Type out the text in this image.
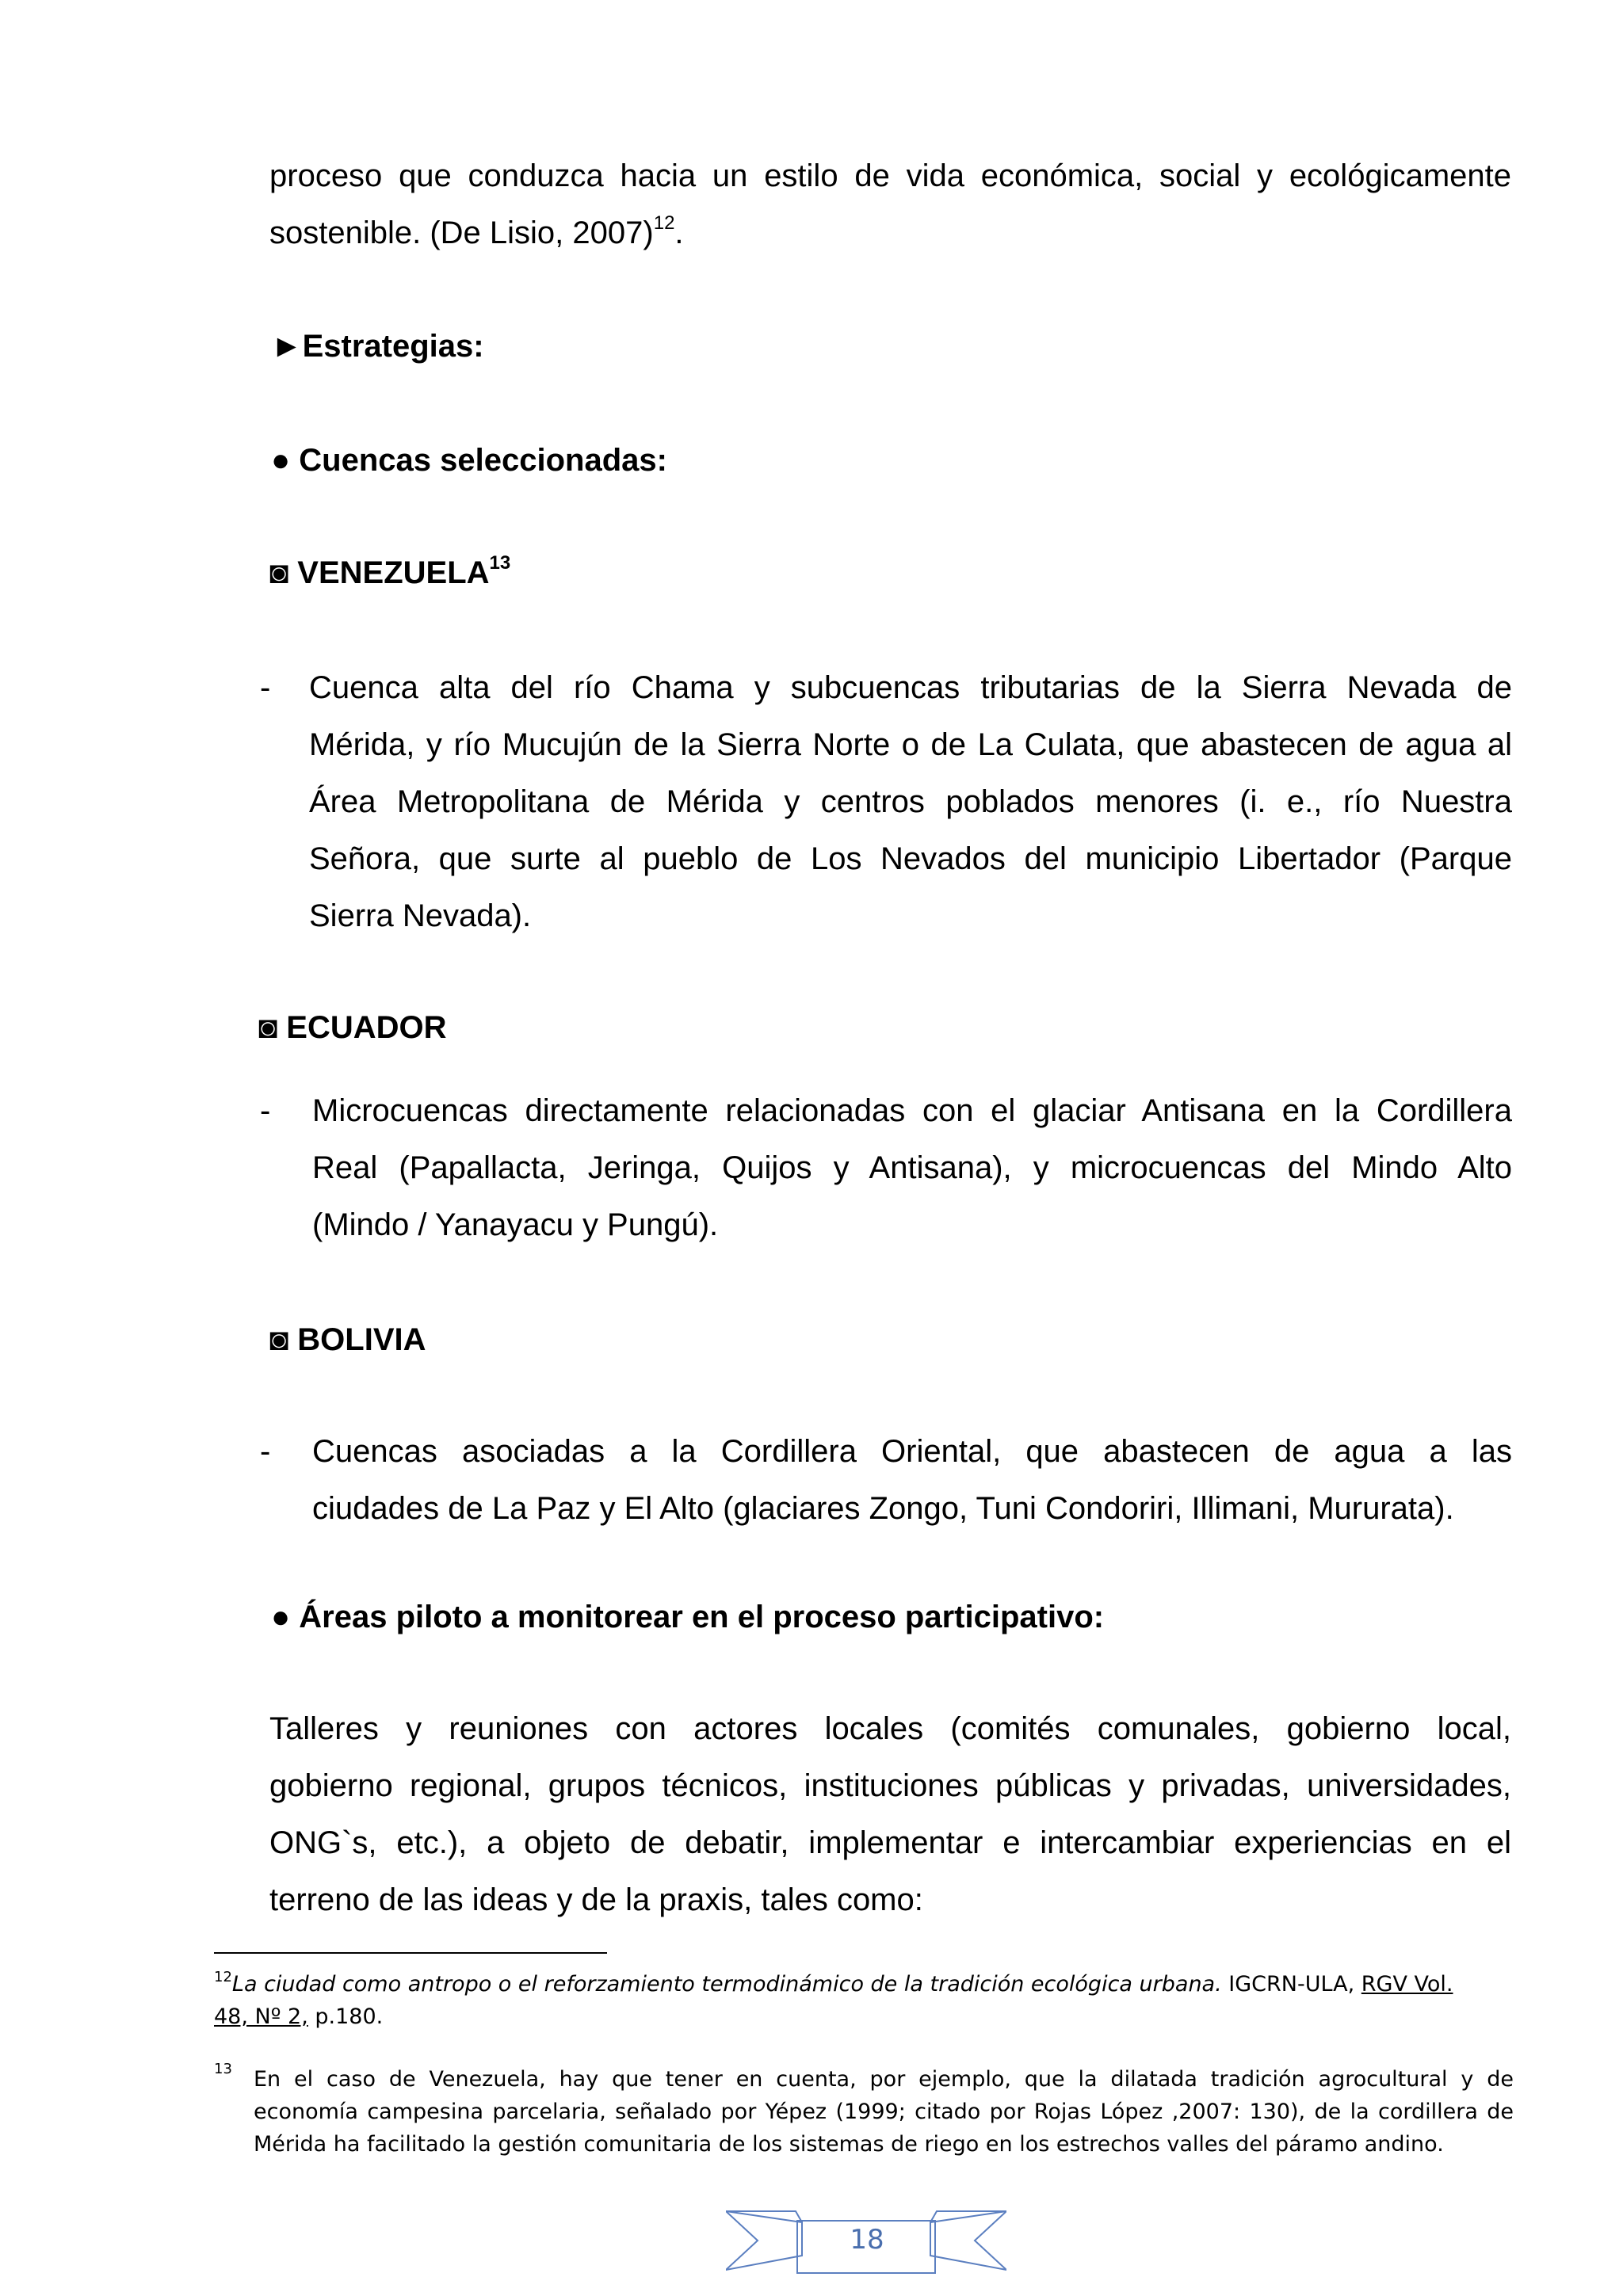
proceso que conduzca hacia un estilo de vida económica, social y ecológicamente
sostenible. (De Lisio, 2007)$^{12}$.
►Estrategias:
● Cuencas seleccionadas:
◙ VENEZUELA$^{13}$
-	Cuenca alta del río Chama y subcuencas tributarias de la Sierra Nevada de
Mérida, y río Mucujún de la Sierra Norte o de La Culata, que abastecen de agua al
Área Metropolitana de Mérida y centros poblados menores (i. e., río Nuestra
Señora, que surte al pueblo de Los Nevados del municipio Libertador (Parque
Sierra Nevada).
◙ ECUADOR
-	Microcuencas directamente relacionadas con el glaciar Antisana en la Cordillera
Real (Papallacta, Jeringa, Quijos y Antisana), y microcuencas del Mindo Alto
(Mindo / Yanayacu y Pungú).
◙ BOLIVIA
-	Cuencas asociadas a la Cordillera Oriental, que abastecen de agua a las
ciudades de La Paz y El Alto (glaciares Zongo, Tuni Condoriri, Illimani, Mururata).
● Áreas piloto a monitorear en el proceso participativo:
Talleres y reuniones con actores locales (comités comunales, gobierno local,
gobierno regional, grupos técnicos, instituciones públicas y privadas, universidades,
ONG`s, etc.), a objeto de debatir, implementar e intercambiar experiencias en el
terreno de las ideas y de la praxis, tales como:
$^{12}$La ciudad como antropo o el reforzamiento termodinámico de la tradición ecológica urbana. IGCRN-ULA, RGV Vol.
48, Nº 2, p.180.
13 En el caso de Venezuela, hay que tener en cuenta, por ejemplo, que la dilatada tradición agrocultural y de
economía campesina parcelaria, señalado por Yépez (1999; citado por Rojas López ,2007: 130), de la cordillera de
Mérida ha facilitado la gestión comunitaria de los sistemas de riego en los estrechos valles del páramo andino.
18
